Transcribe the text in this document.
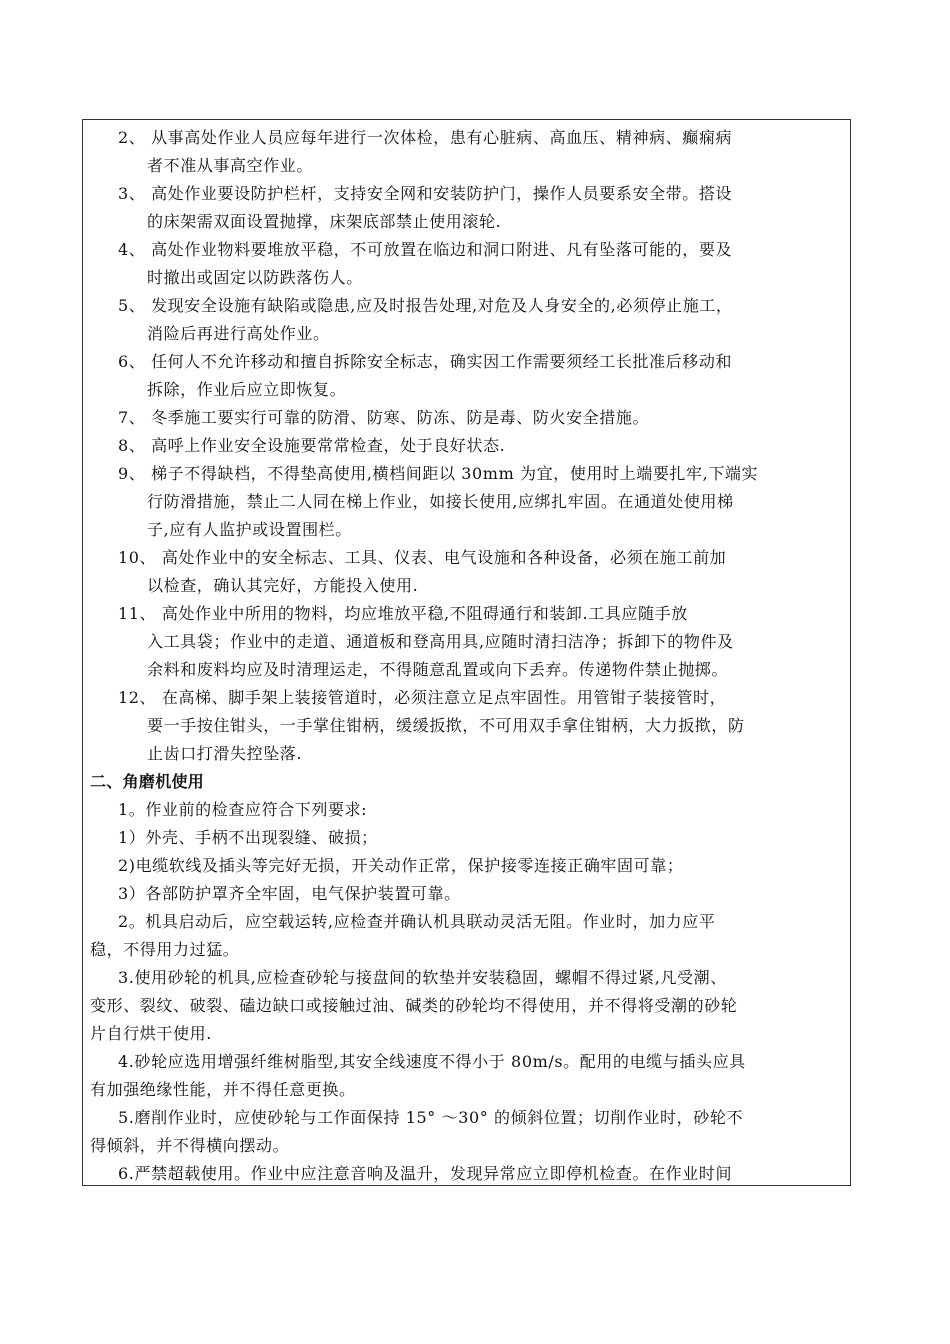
2、 从事高处作业人员应每年进行一次体检，患有心脏病、高血压、精神病、癫痫病
者不准从事高空作业。
3、 高处作业要设防护栏杆，支持安全网和安装防护门，操作人员要系安全带。搭设
的床架需双面设置抛撑，床架底部禁止使用滚轮.
4、 高处作业物料要堆放平稳，不可放置在临边和洞口附进、凡有坠落可能的，要及
时撤出或固定以防跌落伤人。
5、 发现安全设施有缺陷或隐患,应及时报告处理,对危及人身安全的,必须停止施工，
消险后再进行高处作业。
6、 任何人不允许移动和擅自拆除安全标志，确实因工作需要须经工长批准后移动和
拆除，作业后应立即恢复。
7、 冬季施工要实行可靠的防滑、防寒、防冻、防是毒、防火安全措施。
8、 高呼上作业安全设施要常常检查，处于良好状态.
9、 梯子不得缺档，不得垫高使用,横档间距以 30mm 为宜，使用时上端要扎牢,下端实
行防滑措施，禁止二人同在梯上作业，如接长使用,应绑扎牢固。在通道处使用梯
子,应有人监护或设置围栏。
10、 高处作业中的安全标志、工具、仪表、电气设施和各种设备，必须在施工前加
以检查，确认其完好，方能投入使用.
11、 高处作业中所用的物料，均应堆放平稳,不阻碍通行和装卸.工具应随手放
入工具袋；作业中的走道、通道板和登高用具,应随时清扫洁净；拆卸下的物件及
余料和废料均应及时清理运走，不得随意乱置或向下丢弃。传递物件禁止抛掷。
12、 在高梯、脚手架上装接管道时，必须注意立足点牢固性。用管钳子装接管时，
要一手按住钳头，一手掌住钳柄，缓缓扳揿，不可用双手拿住钳柄，大力扳揿，防
止齿口打滑失控坠落.
二、角磨机使用
1。作业前的检查应符合下列要求:
1）外壳、手柄不出现裂缝、破损；
2)电缆软线及插头等完好无损，开关动作正常，保护接零连接正确牢固可靠；
3）各部防护罩齐全牢固，电气保护装置可靠。
2。机具启动后，应空载运转,应检查并确认机具联动灵活无阻。作业时，加力应平
稳，不得用力过猛。
3.使用砂轮的机具,应检查砂轮与接盘间的软垫并安装稳固，螺帽不得过紧,凡受潮、
变形、裂纹、破裂、磕边缺口或接触过油、碱类的砂轮均不得使用，并不得将受潮的砂轮
片自行烘干使用.
4.砂轮应选用增强纤维树脂型,其安全线速度不得小于 80m/s。配用的电缆与插头应具
有加强绝缘性能，并不得任意更换。
5.磨削作业时，应使砂轮与工作面保持 15° ～30° 的倾斜位置；切削作业时，砂轮不
得倾斜，并不得横向摆动。
6.严禁超载使用。作业中应注意音响及温升，发现异常应立即停机检查。在作业时间
